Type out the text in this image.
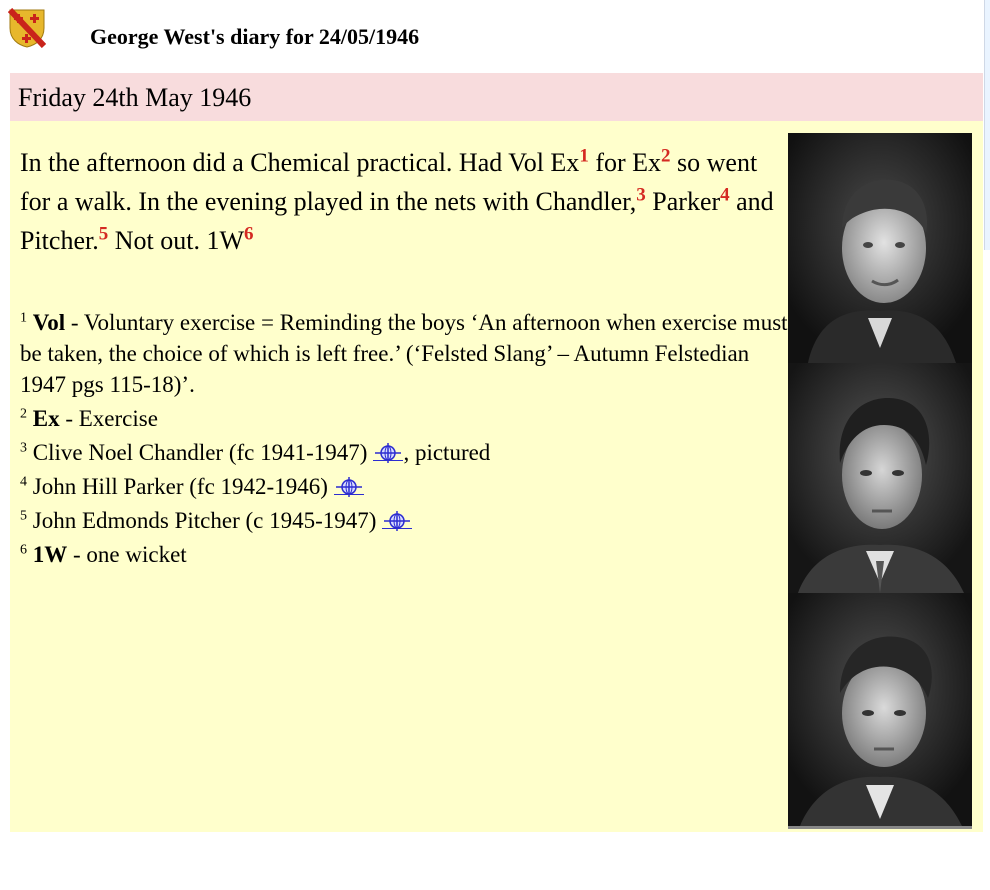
George West's diary for 24/05/1946
Friday 24th May 1946

In the afternoon did a Chemical practical. Had Vol Ex$^1$ for Ex$^2$ so went for a walk. In the evening played in the nets with Chandler,$^3$ Parker$^4$ and Pitcher.$^5$ Not out. 1W$^6$

$^1$ Vol - Voluntary exercise = Reminding the boys ‘An afternoon when exercise must be taken, the choice of which is left free.’ (‘Felsted Slang’ – Autumn Felstedian 1947 pgs 115-18)’.

$^2$ Ex - Exercise

$^3$ Clive Noel Chandler (fc 1941-1947) , pictured

$^4$ John Hill Parker (fc 1942-1946)

$^5$ John Edmonds Pitcher (c 1945-1947)

$^6$ 1W - one wicket
